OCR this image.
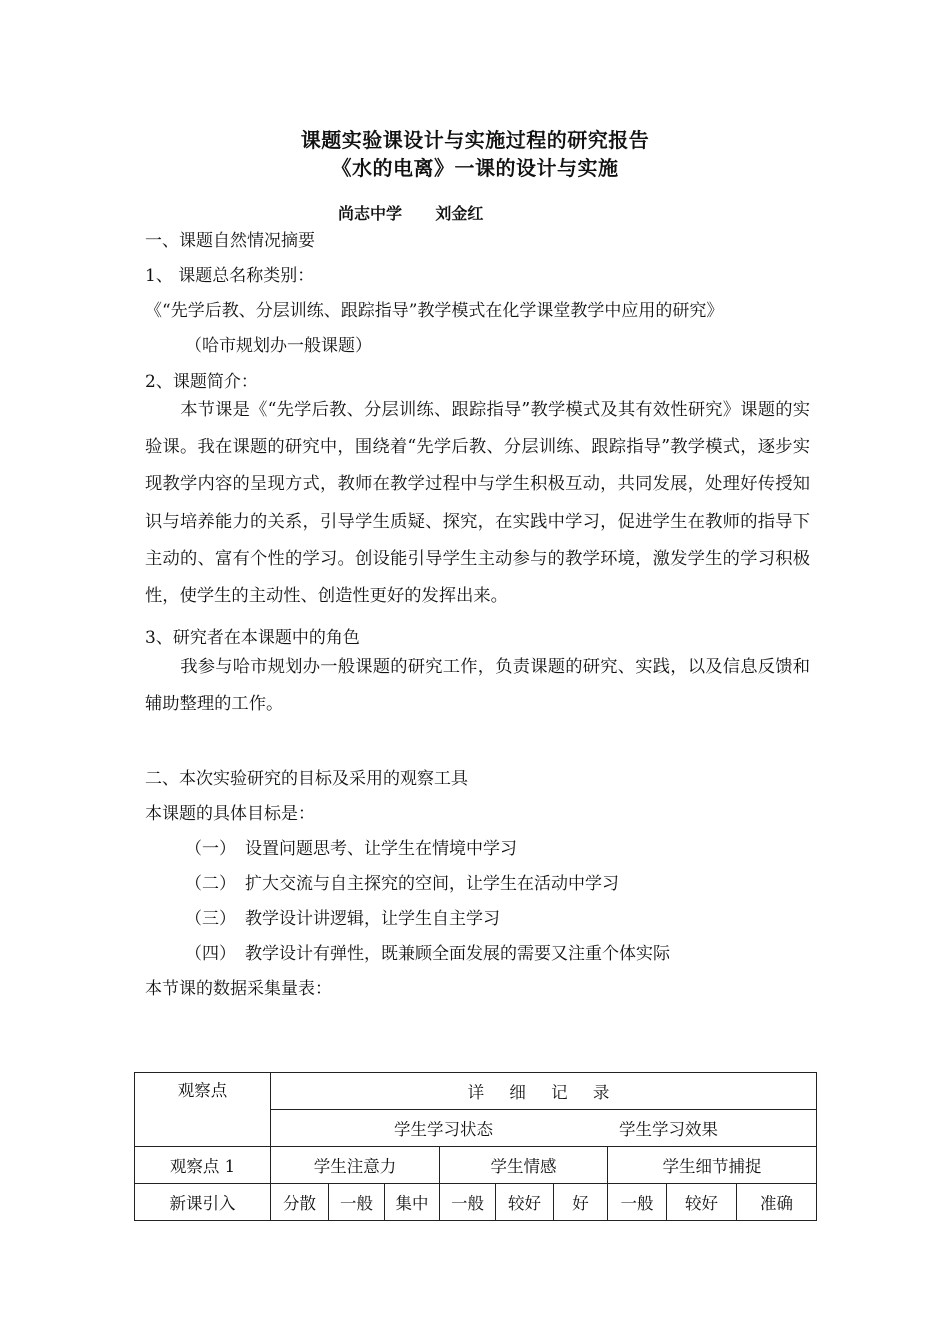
课题实验课设计与实施过程的研究报告
《水的电离》一课的设计与实施
尚志中学      刘金红
一、课题自然情况摘要
1、 课题总名称类别：
《“先学后教、分层训练、跟踪指导”教学模式在化学课堂教学中应用的研究》
（哈市规划办一般课题）
2、课题简介：
本节课是《“先学后教、分层训练、跟踪指导”教学模式及其有效性研究》课题的实验课。我在课题的研究中，围绕着“先学后教、分层训练、跟踪指导”教学模式，逐步实现教学内容的呈现方式，教师在教学过程中与学生积极互动，共同发展，处理好传授知识与培养能力的关系，引导学生质疑、探究，在实践中学习，促进学生在教师的指导下主动的、富有个性的学习。创设能引导学生主动参与的教学环境，激发学生的学习积极性，使学生的主动性、创造性更好的发挥出来。
3、研究者在本课题中的角色
我参与哈市规划办一般课题的研究工作，负责课题的研究、实践，以及信息反馈和辅助整理的工作。
二、本次实验研究的目标及采用的观察工具
本课题的具体目标是：
（一） 设置问题思考、让学生在情境中学习
（二） 扩大交流与自主探究的空间，让学生在活动中学习
（三） 教学设计讲逻辑，让学生自主学习
（四） 教学设计有弹性，既兼顾全面发展的需要又注重个体实际
本节课的数据采集量表：
观察点	详 细 记 录								
	学生学习状态 学生学习效果								
观察点 1	学生注意力			学生情感			学生细节捕捉		
新课引入	分散	一般	集中	一般	较好	好	一般	较好	准确
